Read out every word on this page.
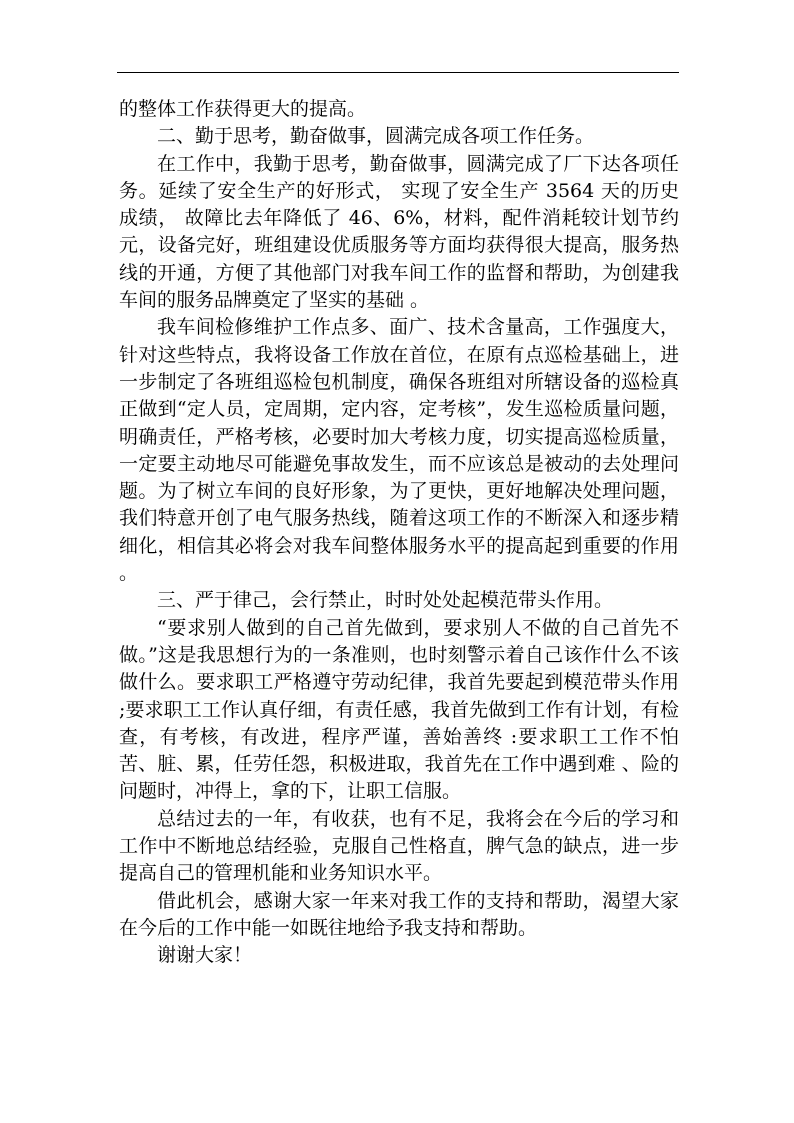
的整体工作获得更大的提高。

二、勤于思考，勤奋做事，圆满完成各项工作任务。

在工作中，我勤于思考，勤奋做事，圆满完成了厂下达各项任务。延续了安全生产的好形式， 实现了安全生产 3564 天的历史成绩， 故障比去年降低了 46、6%，材料，配件消耗较计划节约元，设备完好，班组建设优质服务等方面均获得很大提高，服务热线的开通，方便了其他部门对我车间工作的监督和帮助，为创建我车间的服务品牌奠定了坚实的基础 。

我车间检修维护工作点多、面广、技术含量高，工作强度大，针对这些特点，我将设备工作放在首位，在原有点巡检基础上，进一步制定了各班组巡检包机制度，确保各班组对所辖设备的巡检真正做到“定人员，定周期，定内容，定考核”，发生巡检质量问题，明确责任，严格考核，必要时加大考核力度，切实提高巡检质量，一定要主动地尽可能避免事故发生，而不应该总是被动的去处理问题。为了树立车间的良好形象，为了更快，更好地解决处理问题，我们特意开创了电气服务热线，随着这项工作的不断深入和逐步精细化，相信其必将会对我车间整体服务水平的提高起到重要的作用 。

三、严于律己，会行禁止，时时处处起模范带头作用。

“要求别人做到的自己首先做到，要求别人不做的自己首先不做。”这是我思想行为的一条准则，也时刻警示着自己该作什么不该做什么。要求职工严格遵守劳动纪律，我首先要起到模范带头作用 ;要求职工工作认真仔细，有责任感，我首先做到工作有计划，有检查，有考核，有改进，程序严谨，善始善终 :要求职工工作不怕苦、脏、累，任劳任怨，积极进取，我首先在工作中遇到难 、险的问题时，冲得上，拿的下，让职工信服。

总结过去的一年，有收获，也有不足，我将会在今后的学习和工作中不断地总结经验，克服自己性格直，脾气急的缺点，进一步提高自己的管理机能和业务知识水平。

借此机会，感谢大家一年来对我工作的支持和帮助，渴望大家在今后的工作中能一如既往地给予我支持和帮助。

谢谢大家！
